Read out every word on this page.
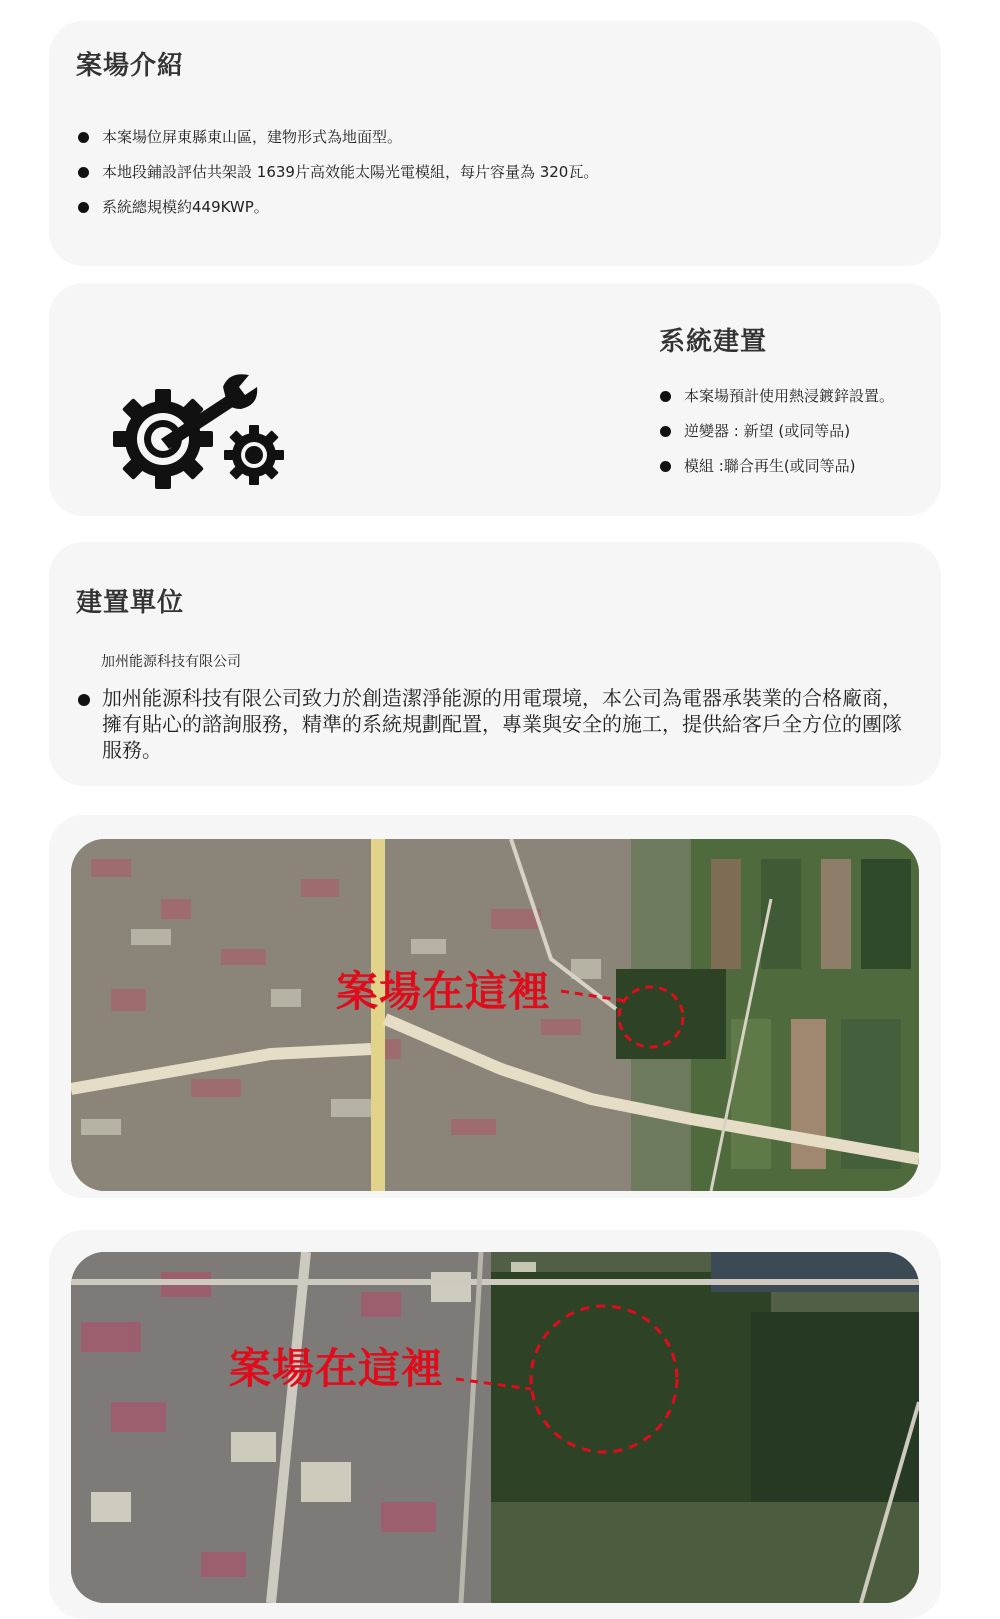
案場介紹
本案場位屏東縣東山區，建物形式為地面型。
本地段鋪設評估共架設 1639片高效能太陽光電模組，每片容量為 320瓦。
系統總規模約449KWP。
系統建置
本案場預計使用熱浸鍍鋅設置。
逆變器 : 新望 (或同等品)
模組 :聯合再生(或同等品)
建置單位

加州能源科技有限公司

加州能源科技有限公司致力於創造潔淨能源的用電環境，本公司為電器承裝業的合格廠商，擁有貼心的諮詢服務，精準的系統規劃配置，專業與安全的施工，提供給客戶全方位的團隊服務。

案場在這裡
案場在這裡
